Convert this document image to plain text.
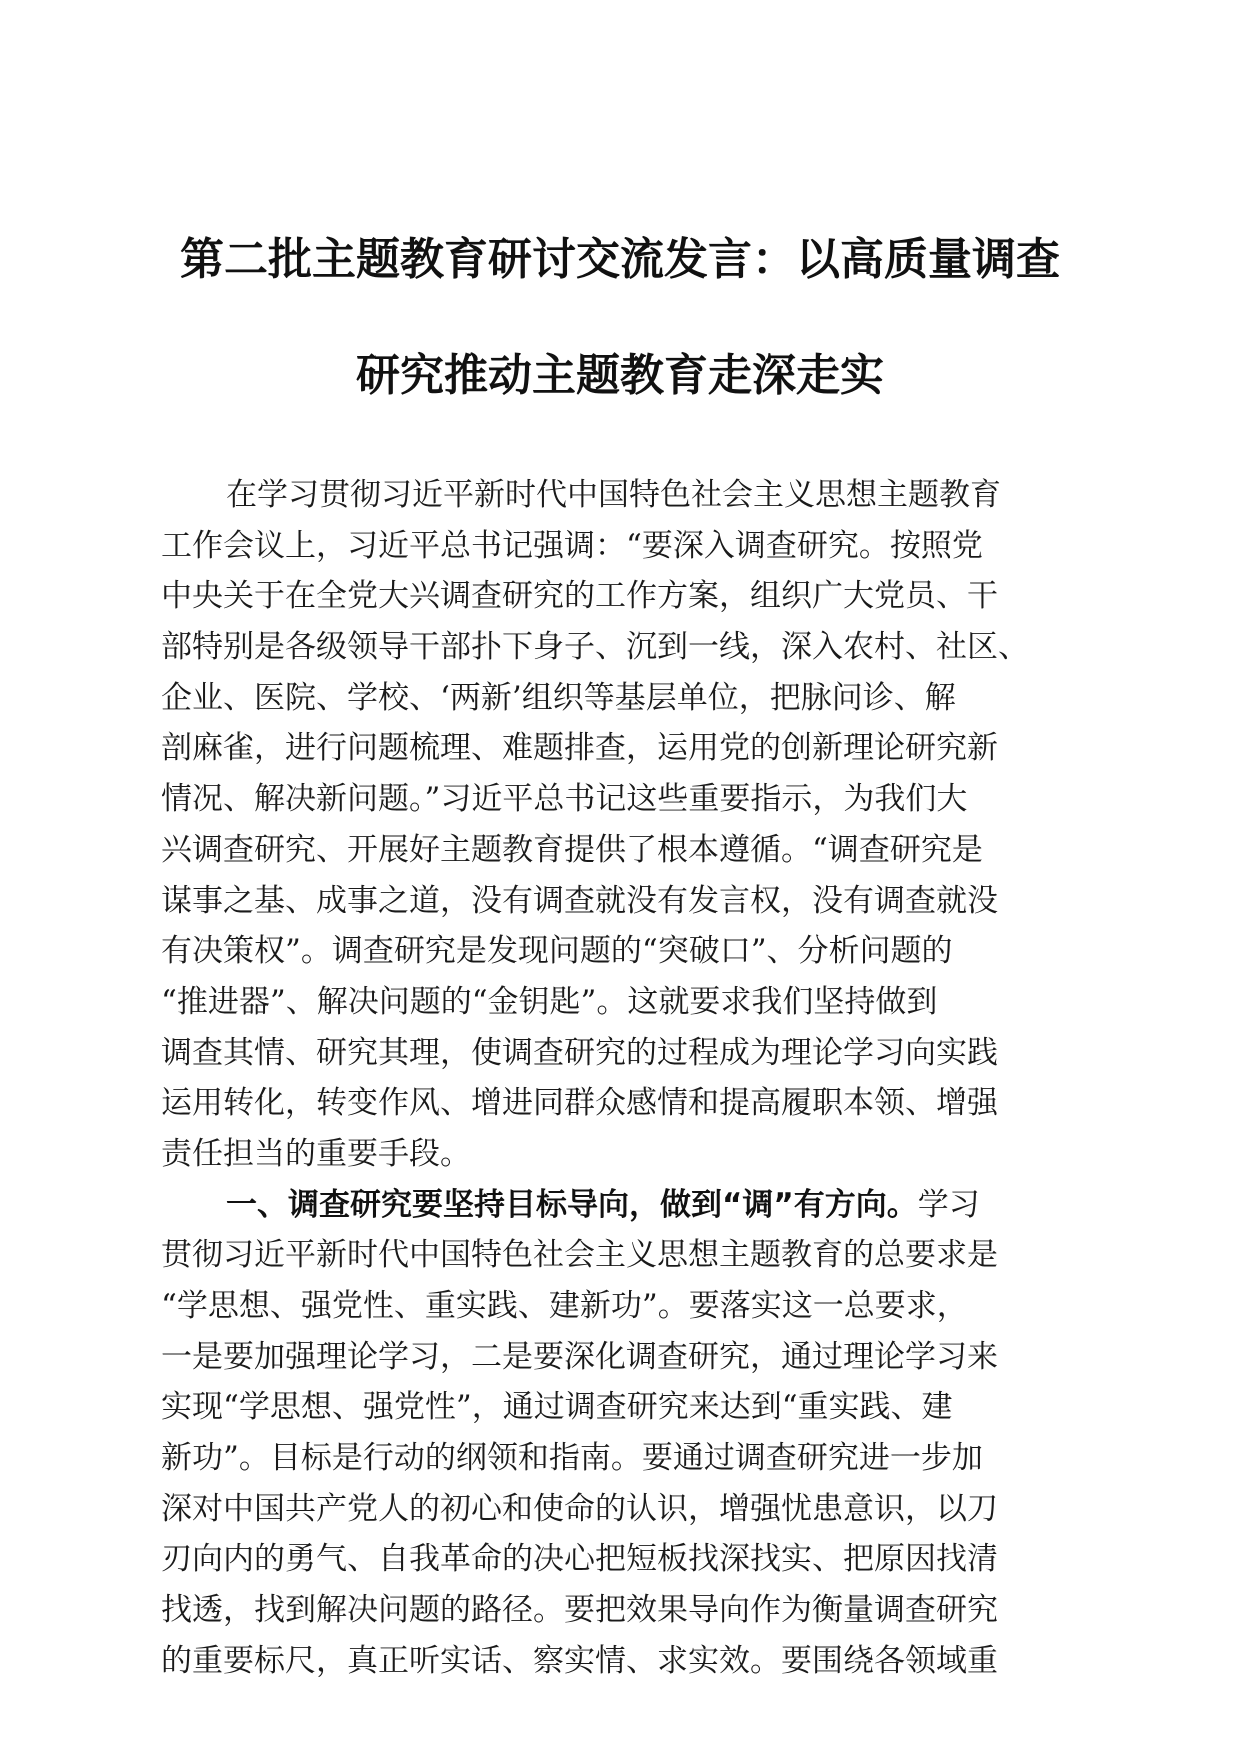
第二批主题教育研讨交流发言：以高质量调查
研究推动主题教育走深走实
在学习贯彻习近平新时代中国特色社会主义思想主题教育
工作会议上，习近平总书记强调：“要深入调查研究。按照党
中央关于在全党大兴调查研究的工作方案，组织广大党员、干
部特别是各级领导干部扑下身子、沉到一线，深入农村、社区、
企业、医院、学校、‘两新’组织等基层单位，把脉问诊、解
剖麻雀，进行问题梳理、难题排查，运用党的创新理论研究新
情况、解决新问题。”习近平总书记这些重要指示，为我们大
兴调查研究、开展好主题教育提供了根本遵循。“调查研究是
谋事之基、成事之道，没有调查就没有发言权，没有调查就没
有决策权”。调查研究是发现问题的“突破口”、分析问题的
“推进器”、解决问题的“金钥匙”。这就要求我们坚持做到
调查其情、研究其理，使调查研究的过程成为理论学习向实践
运用转化，转变作风、增进同群众感情和提高履职本领、增强
责任担当的重要手段。
一、调查研究要坚持目标导向，做到“调”有方向。学习
贯彻习近平新时代中国特色社会主义思想主题教育的总要求是
“学思想、强党性、重实践、建新功”。要落实这一总要求，
一是要加强理论学习，二是要深化调查研究，通过理论学习来
实现“学思想、强党性”，通过调查研究来达到“重实践、建
新功”。目标是行动的纲领和指南。要通过调查研究进一步加
深对中国共产党人的初心和使命的认识，增强忧患意识，以刀
刃向内的勇气、自我革命的决心把短板找深找实、把原因找清
找透，找到解决问题的路径。要把效果导向作为衡量调查研究
的重要标尺，真正听实话、察实情、求实效。要围绕各领域重
